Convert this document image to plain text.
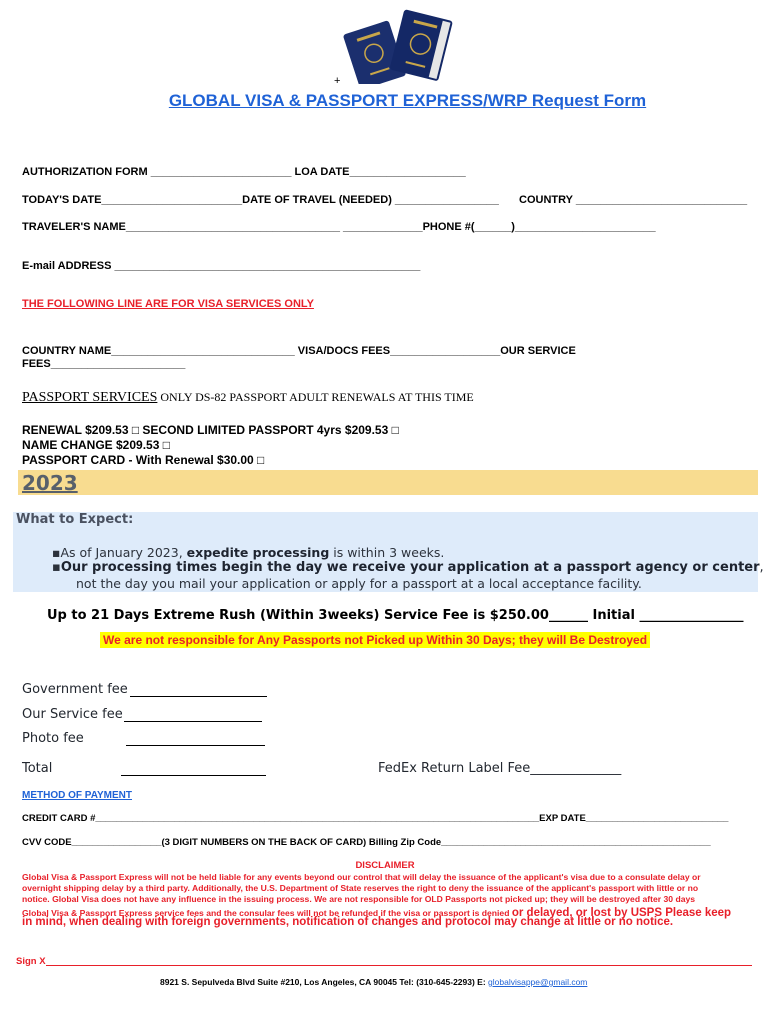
+
GLOBAL VISA & PASSPORT EXPRESS/WRP Request Form
AUTHORIZATION FORM _______________________ LOA DATE___________________
TODAY'S DATE_______________________DATE OF TRAVEL (NEEDED) _________________ COUNTRY ____________________________
TRAVELER'S NAME___________________________________ _____________PHONE #(______)_______________________
E-mail ADDRESS __________________________________________________
THE FOLLOWING LINE ARE FOR VISA SERVICES ONLY
COUNTRY NAME______________________________ VISA/DOCS FEES__________________OUR SERVICE
FEES______________________
PASSPORT SERVICES ONLY DS-82 PASSPORT ADULT RENEWALS AT THIS TIME
RENEWAL $209.53 □ SECOND LIMITED PASSPORT 4yrs $209.53 □
NAME CHANGE $209.53 □
PASSPORT CARD - With Renewal $30.00 □
2023
What to Expect:
▪As of January 2023, expedite processing is within 3 weeks.
▪Our processing times begin the day we receive your application at a passport agency or center,
not the day you mail your application or apply for a passport at a local acceptance facility.
Up to 21 Days Extreme Rush (Within 3weeks) Service Fee is $250.00______ Initial ________________
We are not responsible for Any Passports not Picked up Within 30 Days; they will Be Destroyed
Government fee
Our Service fee
Photo fee
Total	FedEx Return Label Fee______________
METHOD OF PAYMENT
CREDIT CARD #____________________________________________________________________________________EXP DATE___________________________
CVV CODE_________________(3 DIGIT NUMBERS ON THE BACK OF CARD) Billing Zip Code___________________________________________________
DISCLAIMER
Global Visa & Passport Express will not be held liable for any events beyond our control that will delay the issuance of the applicant's visa due to a consulate delay or
overnight shipping delay by a third party. Additionally, the U.S. Department of State reserves the right to deny the issuance of the applicant's passport with little or no
notice. Global Visa does not have any influence in the issuing process. We are not responsible for OLD Passports not picked up; they will be destroyed after 30 days
Global Visa & Passport Express service fees and the consular fees will not be refunded if the visa or passport is denied or delayed, or lost by USPS Please keep
in mind, when dealing with foreign governments, notification of changes and protocol may change at little or no notice.
Sign X
8921 S. Sepulveda Blvd Suite #210, Los Angeles, CA 90045 Tel: (310-645-2293) E: globalvisappe@gmail.com
